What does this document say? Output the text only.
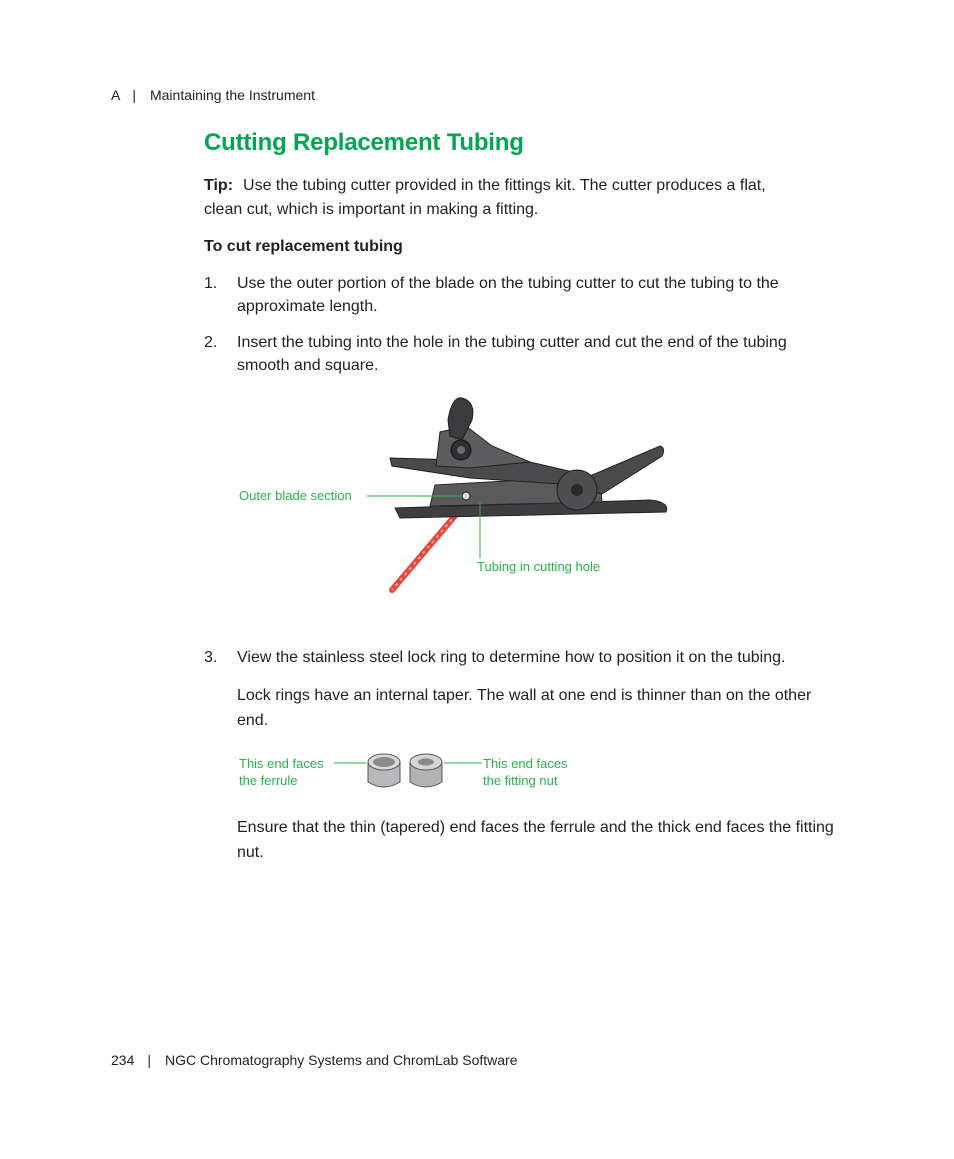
A | Maintaining the Instrument
Cutting Replacement Tubing
Tip: Use the tubing cutter provided in the fittings kit. The cutter produces a flat, clean cut, which is important in making a fitting.
To cut replacement tubing
1. Use the outer portion of the blade on the tubing cutter to cut the tubing to the approximate length.
2. Insert the tubing into the hole in the tubing cutter and cut the end of the tubing smooth and square.
Outer blade section
Tubing in cutting hole
3. View the stainless steel lock ring to determine how to position it on the tubing.
Lock rings have an internal taper. The wall at one end is thinner than on the other end.
This end faces
the ferrule
This end faces
the fitting nut
Ensure that the thin (tapered) end faces the ferrule and the thick end faces the fitting nut.
234 | NGC Chromatography Systems and ChromLab Software
